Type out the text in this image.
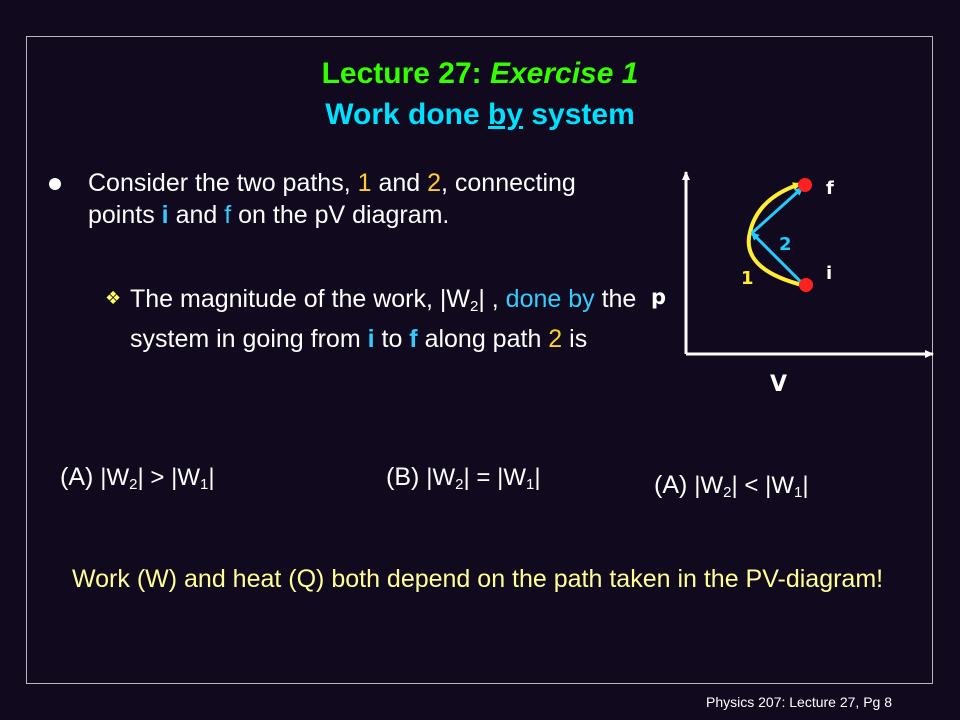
Lecture 27: Exercise 1
Work done by system
Consider the two paths, 1 and 2, connecting points i and f on the pV diagram.
❖ The magnitude of the work, $|W_2|$ , done by the system in going from i to f along path 2 is
(A) $|W_2| > |W_1|$	(B) $|W_2| = |W_1|$	(A) $|W_2| < |W_1|$
Work (W) and heat (Q) both depend on the path taken in the PV-diagram!
Physics 207: Lecture 27, Pg 8
f
i
2
1
p
V
